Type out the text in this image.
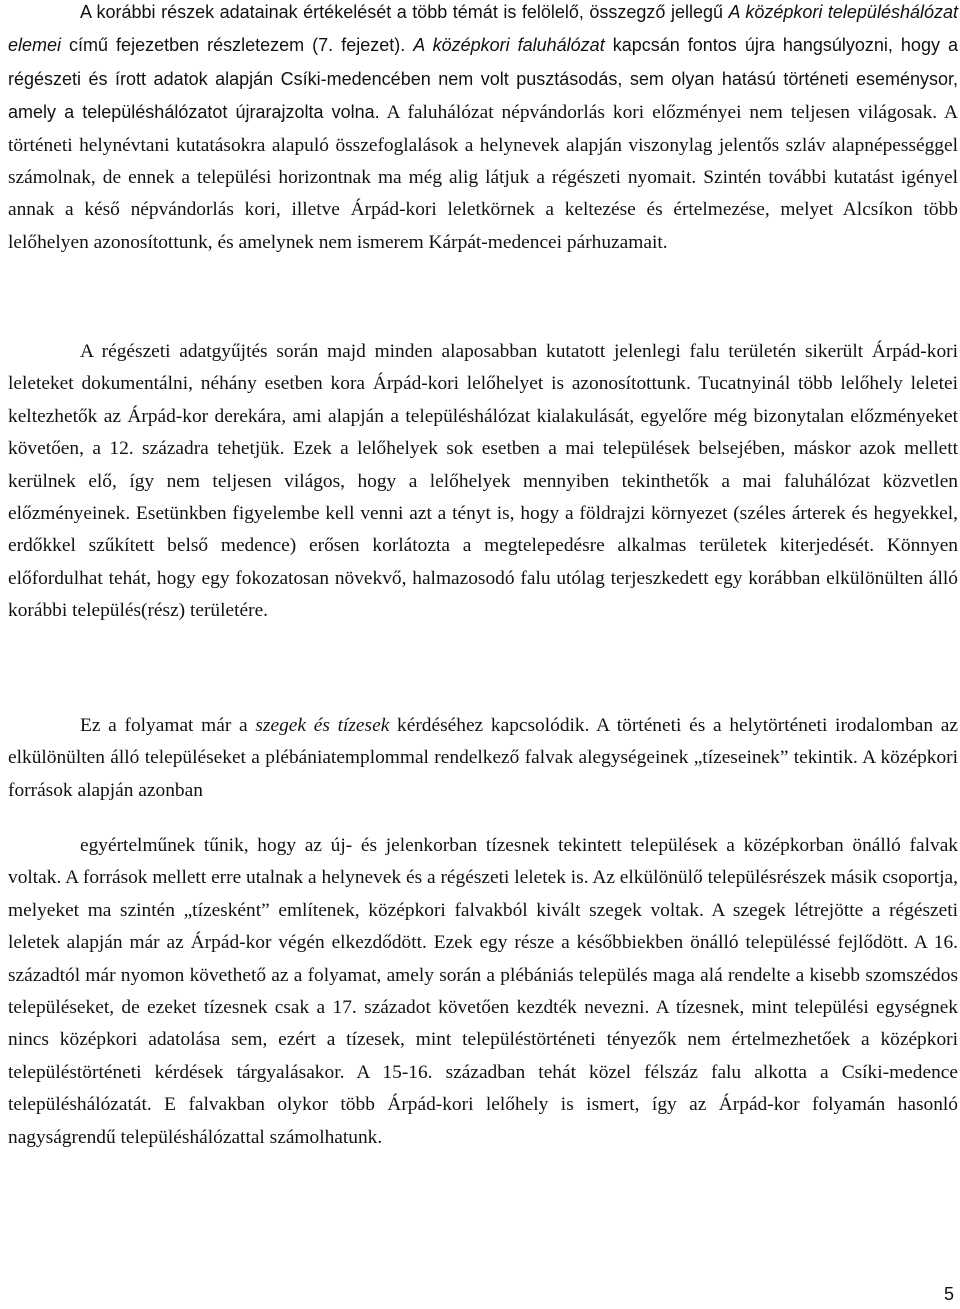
A korábbi részek adatainak értékelését a több témát is felölelő, összegző jellegű A középkori településhálózat elemei című fejezetben részletezem (7. fejezet). A középkori faluhálózat kapcsán fontos újra hangsúlyozni, hogy a régészeti és írott adatok alapján Csíki-medencében nem volt pusztásodás, sem olyan hatású történeti eseménysor, amely a településhálózatot újrarajzolta volna. A faluhálózat népvándorlás kori előzményei nem teljesen világosak. A történeti helynévtani kutatásokra alapuló összefoglalások a helynevek alapján viszonylag jelentős szláv alapnépességgel számolnak, de ennek a települési horizontnak ma még alig látjuk a régészeti nyomait. Szintén további kutatást igényel annak a késő népvándorlás kori, illetve Árpád-kori leletkörnek a keltezése és értelmezése, melyet Alcsíkon több lelőhelyen azonosítottunk, és amelynek nem ismerem Kárpát-medencei párhuzamait.

A régészeti adatgyűjtés során majd minden alaposabban kutatott jelenlegi falu területén sikerült Árpád-kori leleteket dokumentálni, néhány esetben kora Árpád-kori lelőhelyet is azonosítottunk. Tucatnyinál több lelőhely leletei keltezhetők az Árpád-kor derekára, ami alapján a településhálózat kialakulását, egyelőre még bizonytalan előzményeket követően, a 12. századra tehetjük. Ezek a lelőhelyek sok esetben a mai települések belsejében, máskor azok mellett kerülnek elő, így nem teljesen világos, hogy a lelőhelyek mennyiben tekinthetők a mai faluhálózat közvetlen előzményeinek. Esetünkben figyelembe kell venni azt a tényt is, hogy a földrajzi környezet (széles árterek és hegyekkel, erdőkkel szűkített belső medence) erősen korlátozta a megtelepedésre alkalmas területek kiterjedését. Könnyen előfordulhat tehát, hogy egy fokozatosan növekvő, halmazosodó falu utólag terjeszkedett egy korábban elkülönülten álló korábbi település(rész) területére.

Ez a folyamat már a szegek és tízesek kérdéséhez kapcsolódik. A történeti és a helytörténeti irodalomban az elkülönülten álló településeket a plébániatemplommal rendelkező falvak alegységeinek „tízeseinek” tekintik. A középkori források alapján azonban

egyértelműnek tűnik, hogy az új- és jelenkorban tízesnek tekintett települések a középkorban önálló falvak voltak. A források mellett erre utalnak a helynevek és a régészeti leletek is. Az elkülönülő településrészek másik csoportja, melyeket ma szintén „tízesként” említenek, középkori falvakból kivált szegek voltak. A szegek létrejötte a régészeti leletek alapján már az Árpád-kor végén elkezdődött. Ezek egy része a későbbiekben önálló településsé fejlődött. A 16. századtól már nyomon követhető az a folyamat, amely során a plébániás település maga alá rendelte a kisebb szomszédos településeket, de ezeket tízesnek csak a 17. századot követően kezdték nevezni. A tízesnek, mint települési egységnek nincs középkori adatolása sem, ezért a tízesek, mint településtörténeti tényezők nem értelmezhetőek a középkori településtörténeti kérdések tárgyalásakor. A 15-16. században tehát közel félszáz falu alkotta a Csíki-medence településhálózatát. E falvakban olykor több Árpád-kori lelőhely is ismert, így az Árpád-kor folyamán hasonló nagyságrendű településhálózattal számolhatunk.

5
